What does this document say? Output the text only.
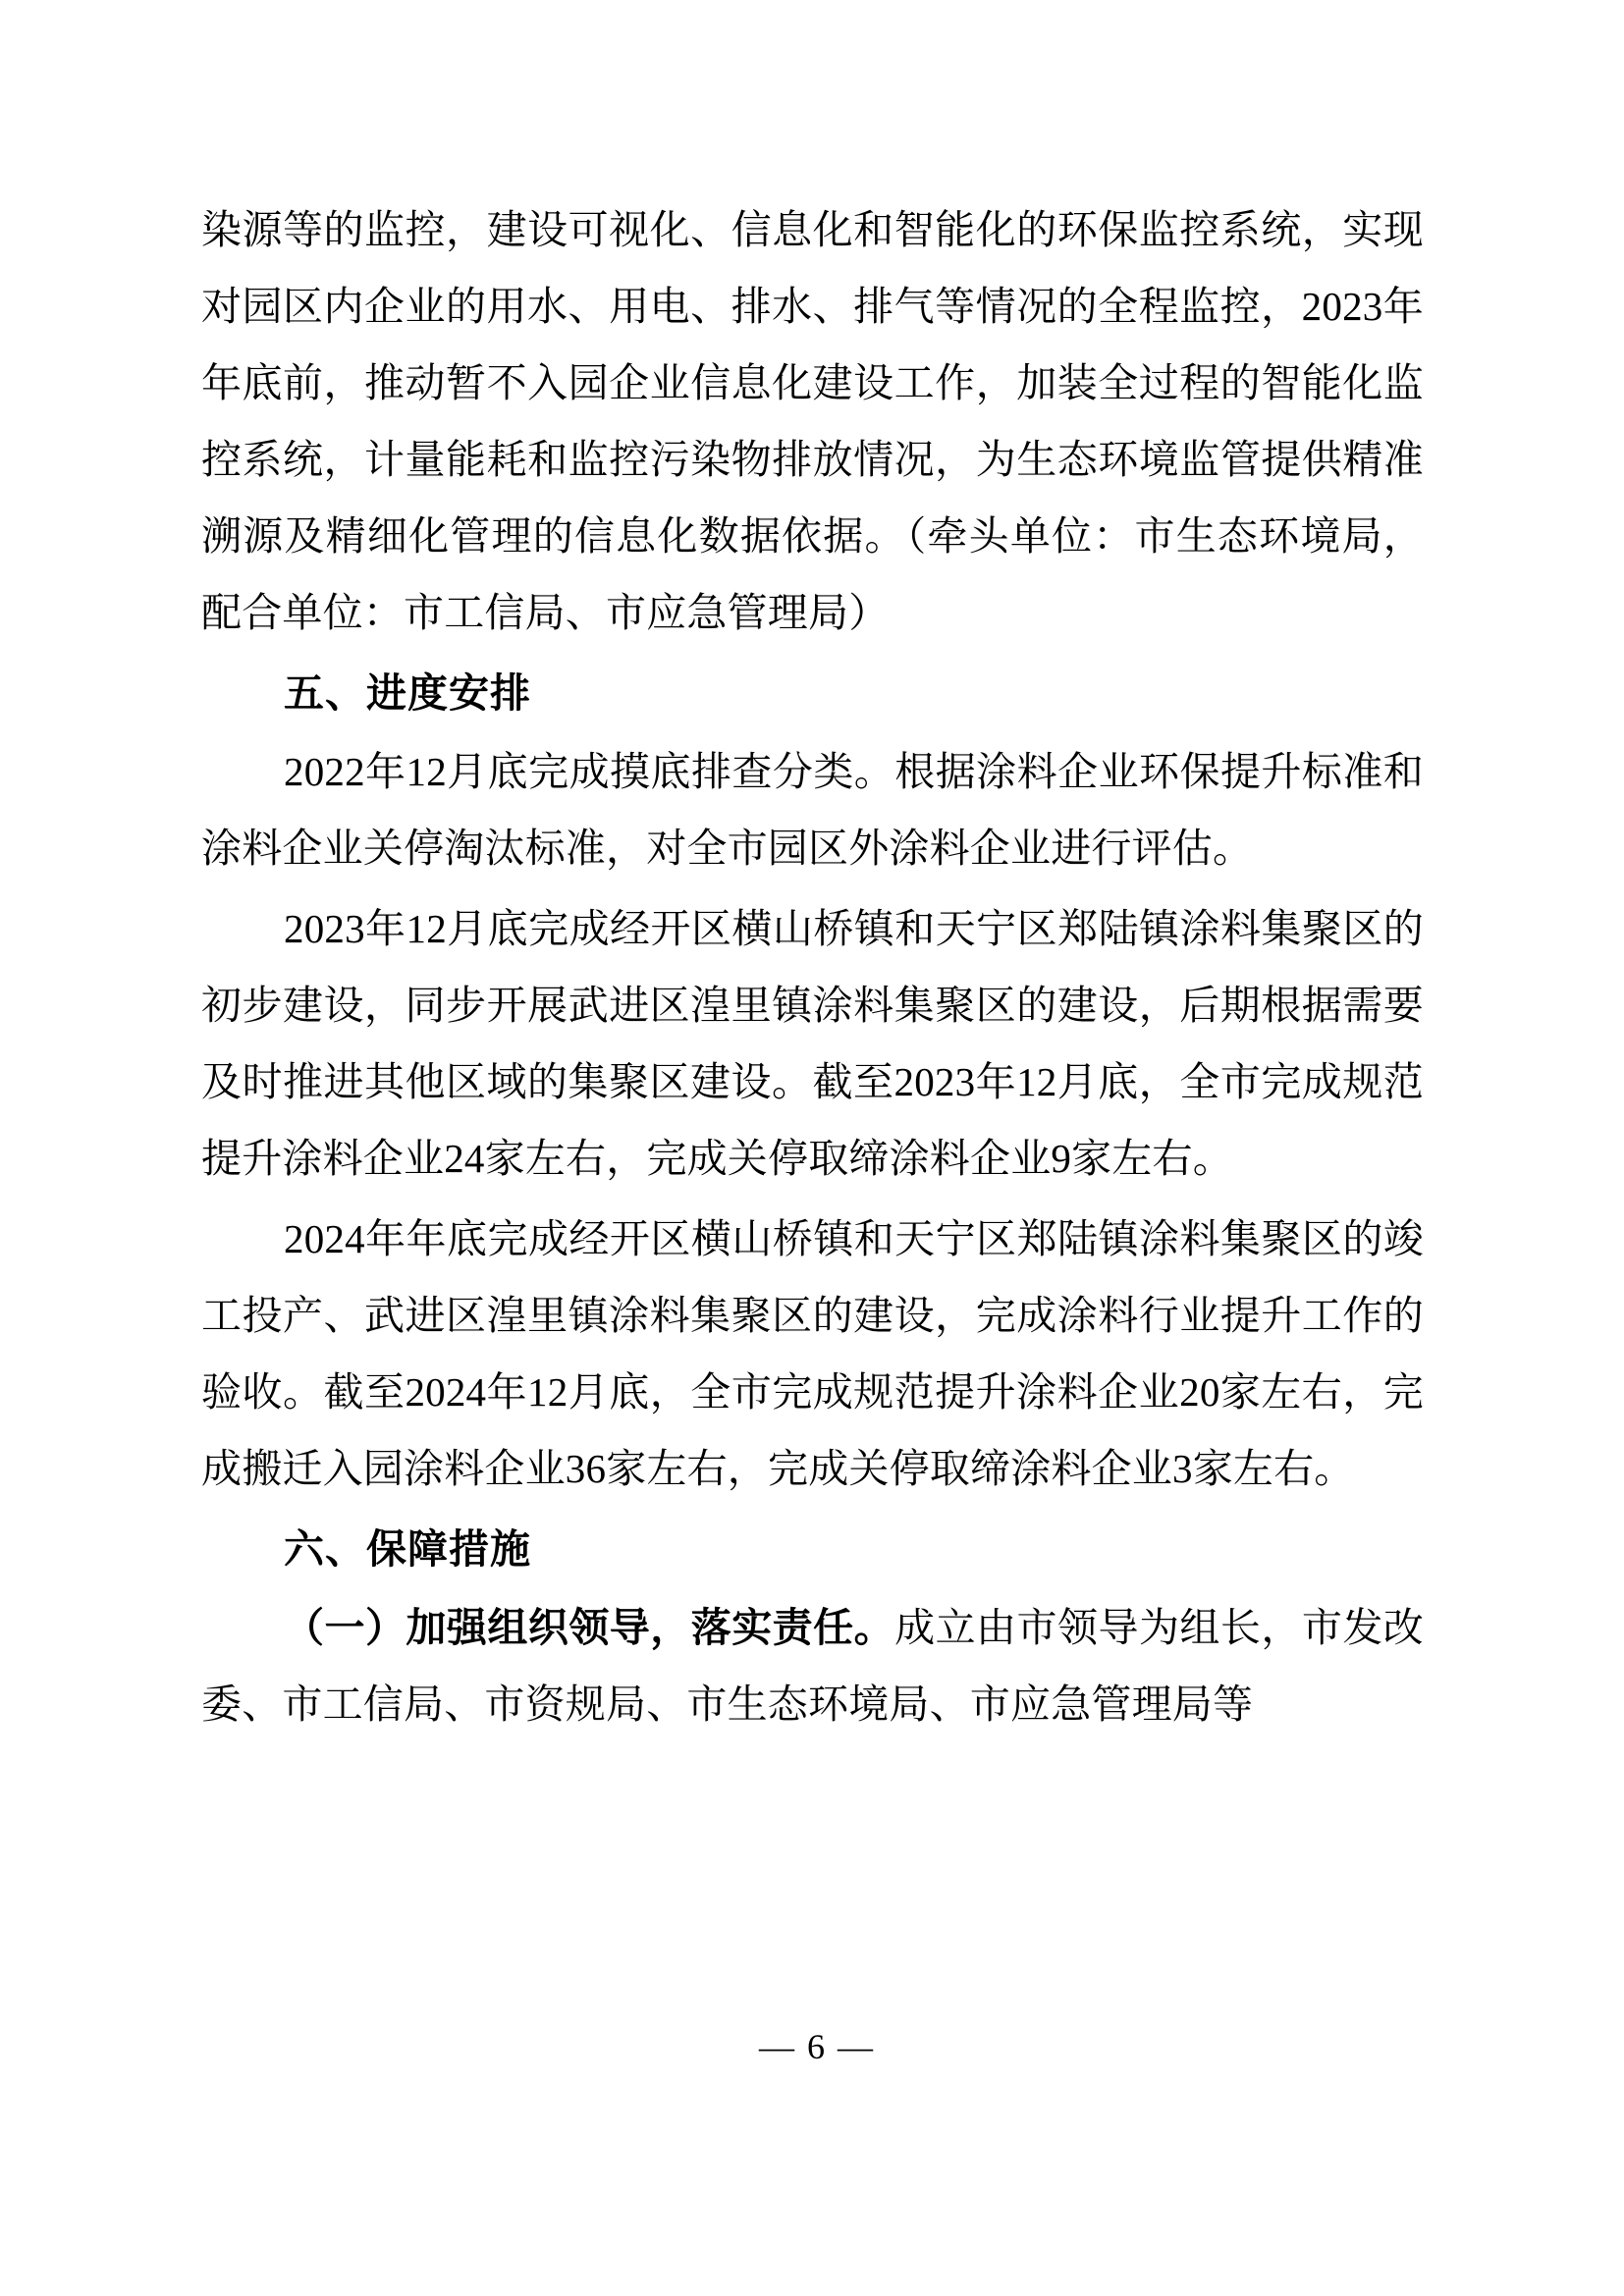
染源等的监控，建设可视化、信息化和智能化的环保监控系统，实现对园区内企业的用水、用电、排水、排气等情况的全程监控，2023年年底前，推动暂不入园企业信息化建设工作，加装全过程的智能化监控系统，计量能耗和监控污染物排放情况，为生态环境监管提供精准溯源及精细化管理的信息化数据依据。（牵头单位：市生态环境局，配合单位：市工信局、市应急管理局）

五、进度安排

2022年12月底完成摸底排查分类。根据涂料企业环保提升标准和涂料企业关停淘汰标准，对全市园区外涂料企业进行评估。

2023年12月底完成经开区横山桥镇和天宁区郑陆镇涂料集聚区的初步建设，同步开展武进区湟里镇涂料集聚区的建设，后期根据需要及时推进其他区域的集聚区建设。截至2023年12月底，全市完成规范提升涂料企业24家左右，完成关停取缔涂料企业9家左右。

2024年年底完成经开区横山桥镇和天宁区郑陆镇涂料集聚区的竣工投产、武进区湟里镇涂料集聚区的建设，完成涂料行业提升工作的验收。截至2024年12月底，全市完成规范提升涂料企业20家左右，完成搬迁入园涂料企业36家左右，完成关停取缔涂料企业3家左右。

六、保障措施

（一）加强组织领导，落实责任。成立由市领导为组长，市发改委、市工信局、市资规局、市生态环境局、市应急管理局等

— 6 —
